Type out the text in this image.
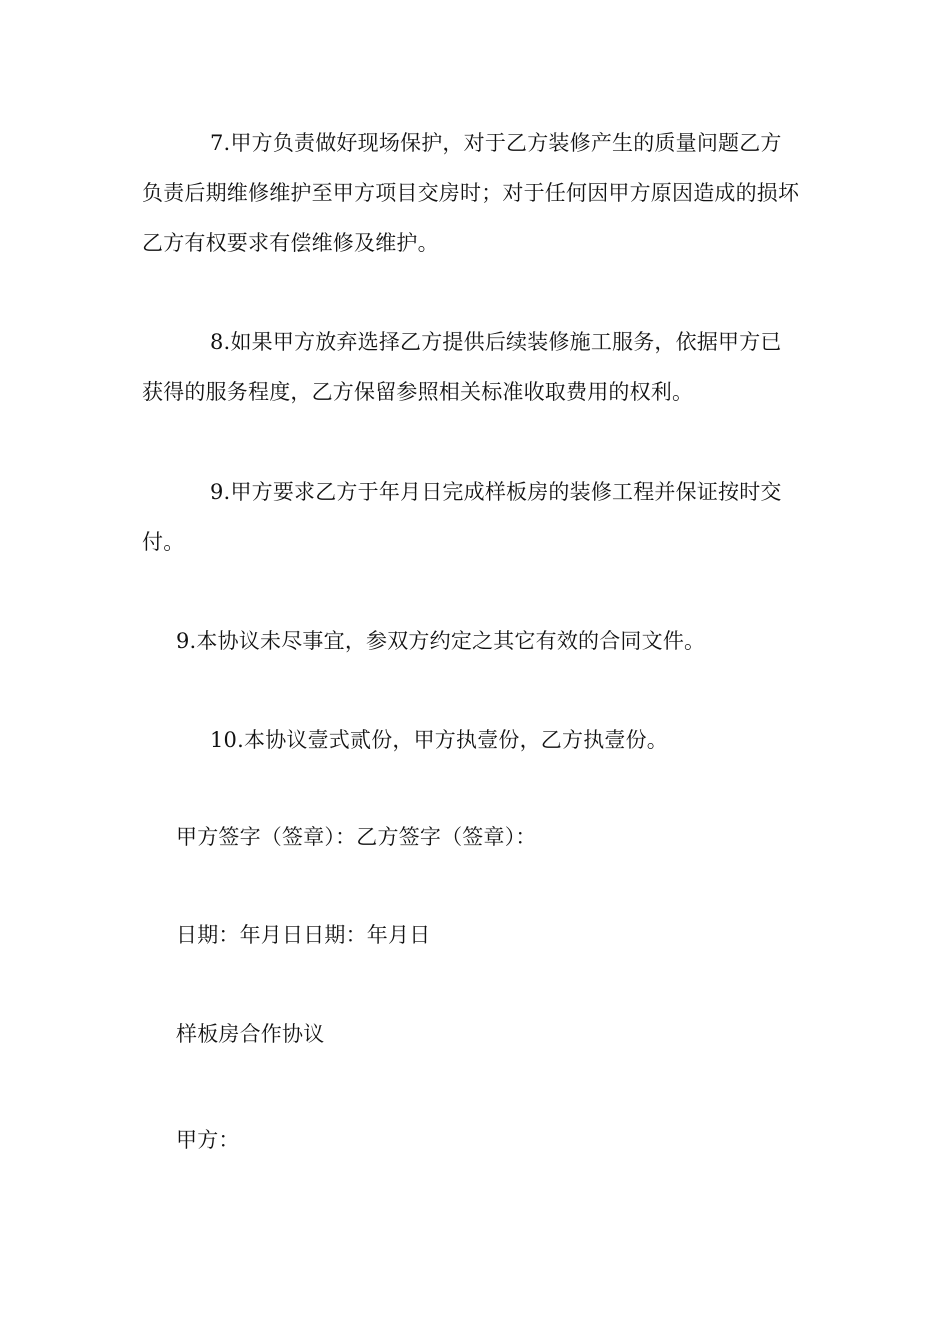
7.甲方负责做好现场保护，对于乙方装修产生的质量问题乙方负责后期维修维护至甲方项目交房时；对于任何因甲方原因造成的损坏乙方有权要求有偿维修及维护。

8.如果甲方放弃选择乙方提供后续装修施工服务，依据甲方已获得的服务程度，乙方保留参照相关标准收取费用的权利。

9.甲方要求乙方于年月日完成样板房的装修工程并保证按时交付。

9.本协议未尽事宜，参双方约定之其它有效的合同文件。

10.本协议壹式贰份，甲方执壹份，乙方执壹份。

甲方签字（签章）：乙方签字（签章）：

日期：年月日日期：年月日

样板房合作协议

甲方：
